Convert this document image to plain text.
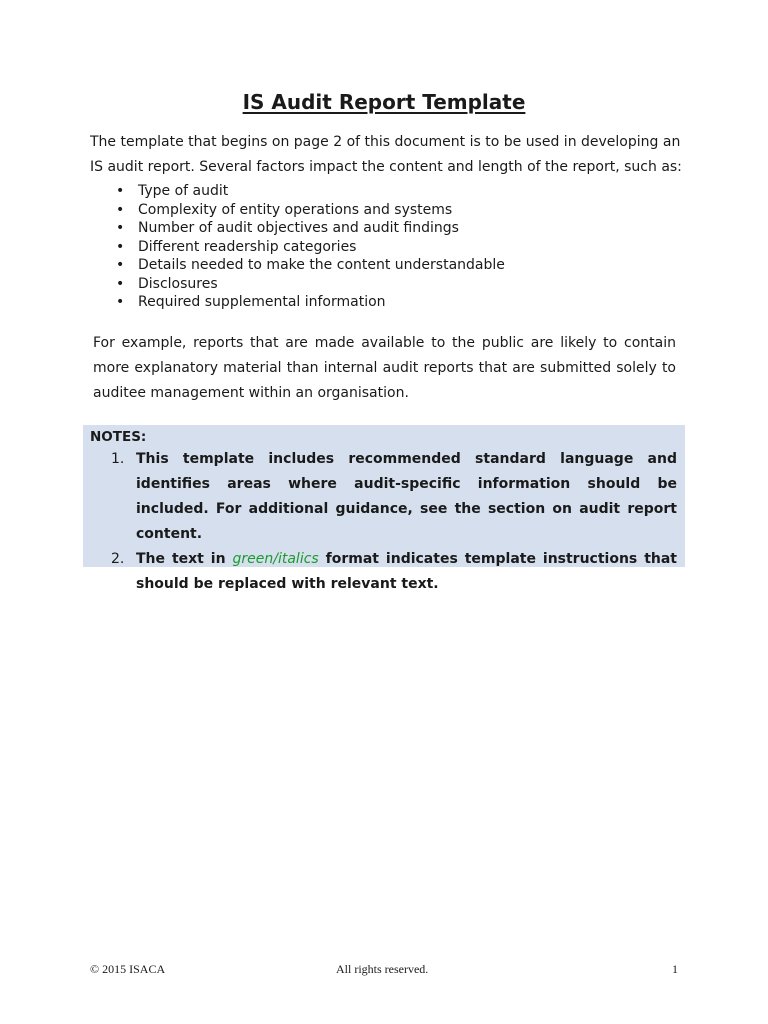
IS Audit Report Template

The template that begins on page 2 of this document is to be used in developing an IS audit report. Several factors impact the content and length of the report, such as:

• Type of audit
• Complexity of entity operations and systems
• Number of audit objectives and audit findings
• Different readership categories
• Details needed to make the content understandable
• Disclosures
• Required supplemental information

For example, reports that are made available to the public are likely to contain more explanatory material than internal audit reports that are submitted solely to auditee management within an organisation.

NOTES:
1. This template includes recommended standard language and identifies areas where audit-specific information should be included. For additional guidance, see the section on audit report content.
2. The text in green/italics format indicates template instructions that should be replaced with relevant text.
© 2015 ISACA	All rights reserved.	1
